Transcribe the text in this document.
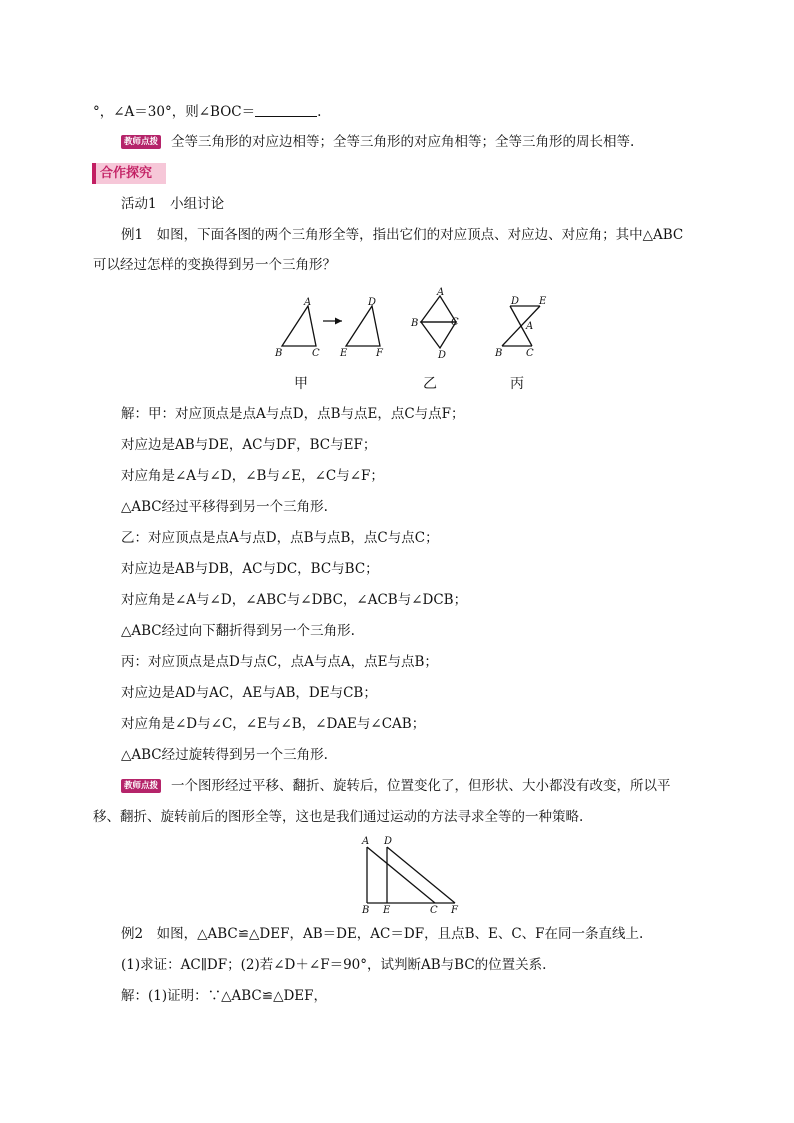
°，∠A＝30°，则∠BOC＝	.
教师点拨 全等三角形的对应边相等；全等三角形的对应角相等；全等三角形的周长相等.
合作探究
活动1　小组讨论
例1　如图，下面各图的两个三角形全等，指出它们的对应顶点、对应边、对应角；其中△ABC
可以经过怎样的变换得到另一个三角形？
A
B	C
D
E	F
甲
A
B	C
D
乙
D E
A
B C
丙
解：甲：对应顶点是点A与点D，点B与点E，点C与点F；
对应边是AB与DE，AC与DF，BC与EF；
对应角是∠A与∠D，∠B与∠E，∠C与∠F；
△ABC经过平移得到另一个三角形.
乙：对应顶点是点A与点D，点B与点B，点C与点C；
对应边是AB与DB，AC与DC，BC与BC；
对应角是∠A与∠D，∠ABC与∠DBC，∠ACB与∠DCB；
△ABC经过向下翻折得到另一个三角形.
丙：对应顶点是点D与点C，点A与点A，点E与点B；
对应边是AD与AC，AE与AB，DE与CB；
对应角是∠D与∠C，∠E与∠B，∠DAE与∠CAB；
△ABC经过旋转得到另一个三角形.
教师点拨 一个图形经过平移、翻折、旋转后，位置变化了，但形状、大小都没有改变，所以平
移、翻折、旋转前后的图形全等，这也是我们通过运动的方法寻求全等的一种策略.
A D
B E	C F
例2　如图，△ABC≌△DEF，AB＝DE，AC＝DF，且点B、E、C、F在同一条直线上.
(1)求证：AC∥DF；(2)若∠D＋∠F＝90°，试判断AB与BC的位置关系.
解：(1)证明：∵△ABC≌△DEF，
